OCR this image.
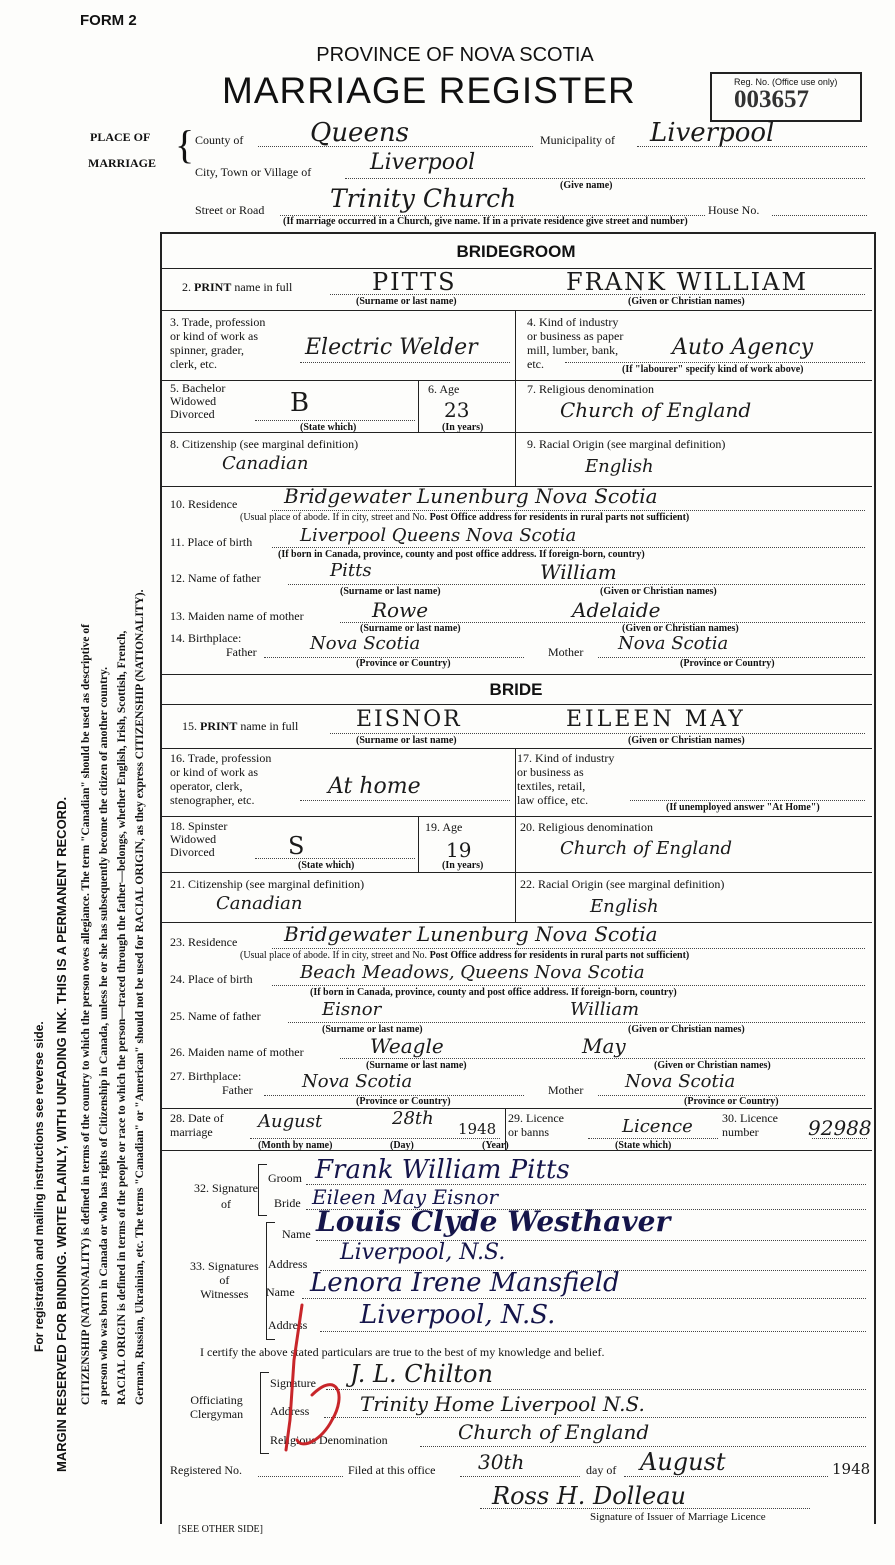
FORM 2
PROVINCE OF NOVA SCOTIA
MARRIAGE REGISTER	Reg. No. (Office use only)
003657
PLACE OF
MARRIAGE { County of	Queens	Municipality of Liverpool
City, Town or Village of	Liverpool
(Give name)
Street or Road	Trinity Church	House No.
(If marriage occurred in a Church, give name. If in a private residence give street and number)
For registration and mailing instructions see reverse side. MARGIN RESERVED FOR BINDING. WRITE PLAINLY, WITH UNFADING INK. THIS IS A PERMANENT RECORD. CITIZENSHIP (NATIONALITY) is defined in terms of the country to which the person owes allegiance. The term "Canadian" should be used as descriptive of a person who was born in Canada or who has rights of Citizenship in Canada, unless he or she has subsequently become the citizen of another country. RACIAL ORIGIN is defined in terms of the people or race to which the person—traced through the father—belongs, whether English, Irish, Scottish, French, German, Russian, Ukrainian, etc. The terms "Canadian" or "American" should not be used for RACIAL ORIGIN, as they express CITIZENSHIP (NATIONALITY).
BRIDEGROOM
2. PRINT name in full	PITTS	FRANK WILLIAM
(Surname or last name)	(Given or Christian names)
3. Trade, profession
or kind of work as
spinner, grader,
clerk, etc.
Electric Welder
4. Kind of industry
or business as paper
mill, lumber, bank,
etc.
Auto Agency
(If "labourer" specify kind of work above)
5. Bachelor
Widowed
Divorced	B
(State which)
6. Age
23
(In years)
7. Religious denomination
Church of England
8. Citizenship (see marginal definition)
Canadian
9. Racial Origin (see marginal definition)
English
10. Residence Bridgewater Lunenburg Nova Scotia
(Usual place of abode. If in city, street and No. Post Office address for residents in rural parts not sufficient)
11. Place of birth	Liverpool Queens Nova Scotia
(If born in Canada, province, county and post office address. If foreign-born, country)
12. Name of father	Pitts	William
(Surname or last name)	(Given or Christian names)
13. Maiden name of mother	Rowe	Adelaide
(Surname or last name)	(Given or Christian names)
14. Birthplace:
Father	Nova Scotia	Mother Nova Scotia
(Province or Country)	(Province or Country)
BRIDE
15. PRINT name in full	EISNOR	EILEEN MAY
(Surname or last name)	(Given or Christian names)
16. Trade, profession
or kind of work as
operator, clerk,
stenographer, etc.
At home
17. Kind of industry
or business as
textiles, retail,
law office, etc.
(If unemployed answer "At Home")
18. Spinster
Widowed
Divorced	S
(State which)
19. Age
19
(In years)
20. Religious denomination
Church of England
21. Citizenship (see marginal definition)
Canadian
22. Racial Origin (see marginal definition)
English
23. Residence Bridgewater Lunenburg Nova Scotia
(Usual place of abode. If in city, street and No. Post Office address for residents in rural parts not sufficient)
24. Place of birth	Beach Meadows, Queens Nova Scotia
(If born in Canada, province, county and post office address. If foreign-born, country)
25. Name of father	Eisnor	William
(Surname or last name)	(Given or Christian names)
26. Maiden name of mother	Weagle	May
(Surname or last name)	(Given or Christian names)
27. Birthplace:
Father	Nova Scotia	Mother Nova Scotia
(Province or Country)	(Province or Country)
28. Date of
marriage	August	28th 1948
(Month by name)	(Day)	(Year)
29. Licence
or banns	Licence
(State which)
30. Licence
number	92988
32. Signature
of
Groom Frank William Pitts
Bride Eileen May Eisnor
33. Signatures
of
Witnesses
Name Louis Clyde Westhaver
Address Liverpool, N.S.
Name Lenora Irene Mansfield
Address Liverpool, N.S.
I certify the above stated particulars are true to the best of my knowledge and belief.
Officiating
Clergyman
Signature J. L. Chilton
Address	Trinity Home Liverpool N.S.
Religious Denomination	Church of England
Registered No.	Filed at this office 30th	day of August	1948
Ross H. Dolleau
Signature of Issuer of Marriage Licence
[SEE OTHER SIDE]
